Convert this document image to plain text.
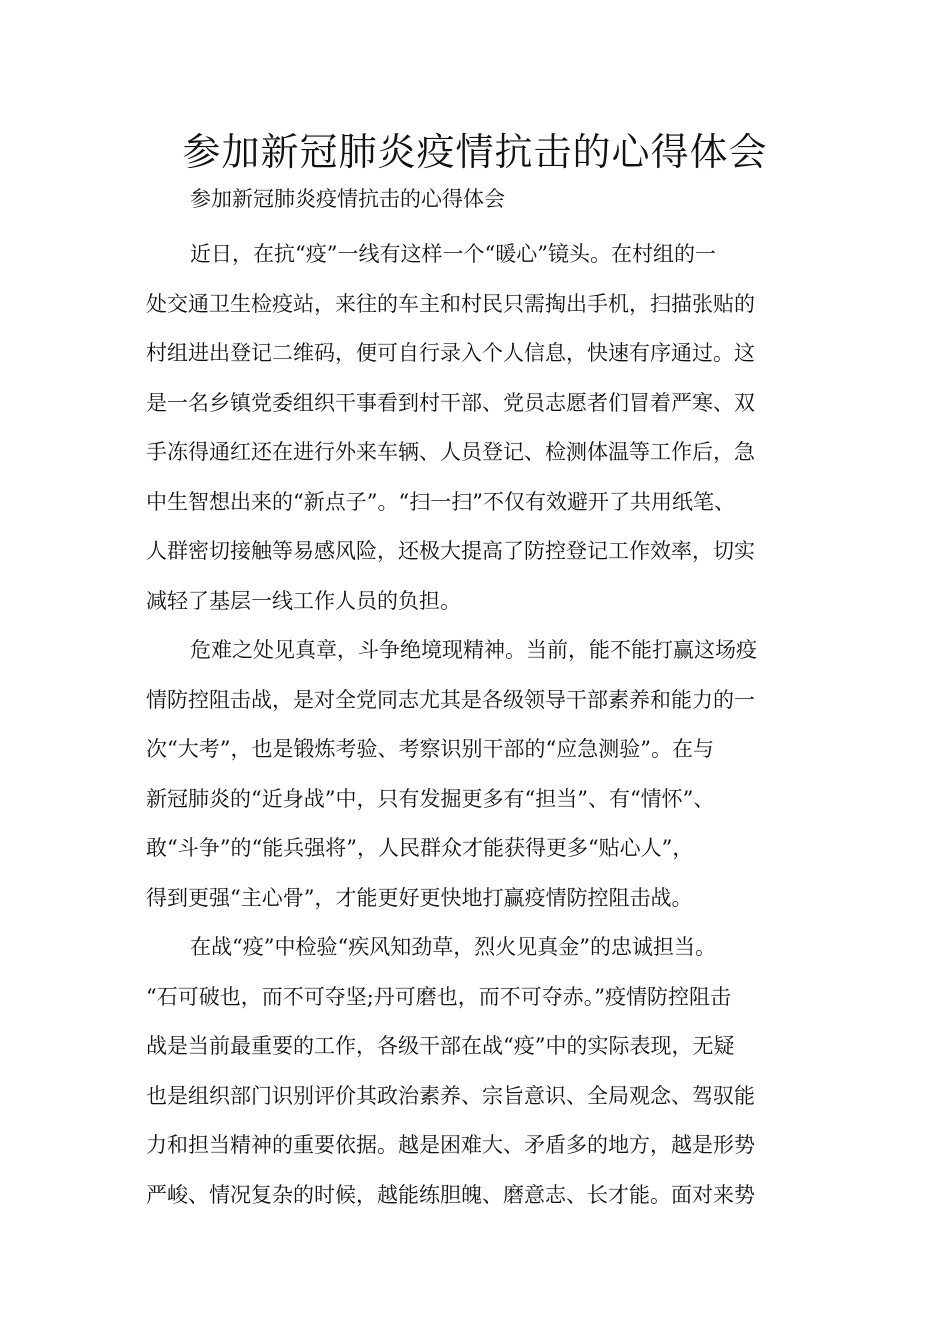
参加新冠肺炎疫情抗击的心得体会

参加新冠肺炎疫情抗击的心得体会

近日，在抗“疫”一线有这样一个“暖心”镜头。在村组的一
处交通卫生检疫站，来往的车主和村民只需掏出手机，扫描张贴的
村组进出登记二维码，便可自行录入个人信息，快速有序通过。这
是一名乡镇党委组织干事看到村干部、党员志愿者们冒着严寒、双
手冻得通红还在进行外来车辆、人员登记、检测体温等工作后，急
中生智想出来的“新点子”。“扫一扫”不仅有效避开了共用纸笔、
人群密切接触等易感风险，还极大提高了防控登记工作效率，切实
减轻了基层一线工作人员的负担。
危难之处见真章，斗争绝境现精神。当前，能不能打赢这场疫
情防控阻击战，是对全党同志尤其是各级领导干部素养和能力的一
次“大考”，也是锻炼考验、考察识别干部的“应急测验”。在与
新冠肺炎的“近身战”中，只有发掘更多有“担当”、有“情怀”、
敢“斗争”的“能兵强将”，人民群众才能获得更多“贴心人”，
得到更强“主心骨”，才能更好更快地打赢疫情防控阻击战。
在战“疫”中检验“疾风知劲草，烈火见真金”的忠诚担当。
“石可破也，而不可夺坚;丹可磨也，而不可夺赤。”疫情防控阻击
战是当前最重要的工作，各级干部在战“疫”中的实际表现，无疑
也是组织部门识别评价其政治素养、宗旨意识、全局观念、驾驭能
力和担当精神的重要依据。越是困难大、矛盾多的地方，越是形势
严峻、情况复杂的时候，越能练胆魄、磨意志、长才能。面对来势
